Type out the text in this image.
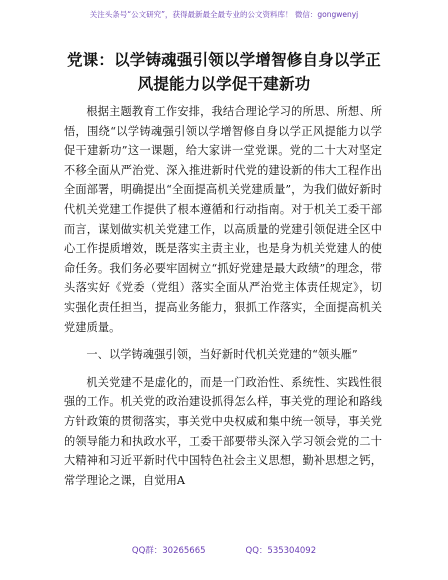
关注头条号“公文研究”，获得最新最全最专业的公文资料库！ 微信：gongwenyj
党课：以学铸魂强引领以学增智修自身以学正风提能力以学促干建新功

根据主题教育工作安排，我结合理论学习的所思、所想、所悟，围绕“以学铸魂强引领以学增智修自身以学正风提能力以学促干建新功”这一课题，给大家讲一堂党课。党的二十大对坚定不移全面从严治党、深入推进新时代党的建设新的伟大工程作出全面部署，明确提出“全面提高机关党建质量”，为我们做好新时代机关党建工作提供了根本遵循和行动指南。对于机关工委干部而言，谋划做实机关党建工作，以高质量的党建引领促进全区中心工作提质增效，既是落实主责主业，也是身为机关党建人的使命任务。我们务必要牢固树立“抓好党建是最大政绩”的理念，带头落实好《党委（党组）落实全面从严治党主体责任规定》，切实强化责任担当，提高业务能力，狠抓工作落实，全面提高机关党建质量。

一、以学铸魂强引领，当好新时代机关党建的“领头雁”

机关党建不是虚化的，而是一门政治性、系统性、实践性很强的工作。机关党的政治建设抓得怎么样，事关党的理论和路线方针政策的贯彻落实，事关党中央权威和集中统一领导，事关党的领导能力和执政水平，工委干部要带头深入学习领会党的二十大精神和习近平新时代中国特色社会主义思想，勤补思想之钙，常学理论之课，自觉用A

QQ群：30265665	QQ：535304092
